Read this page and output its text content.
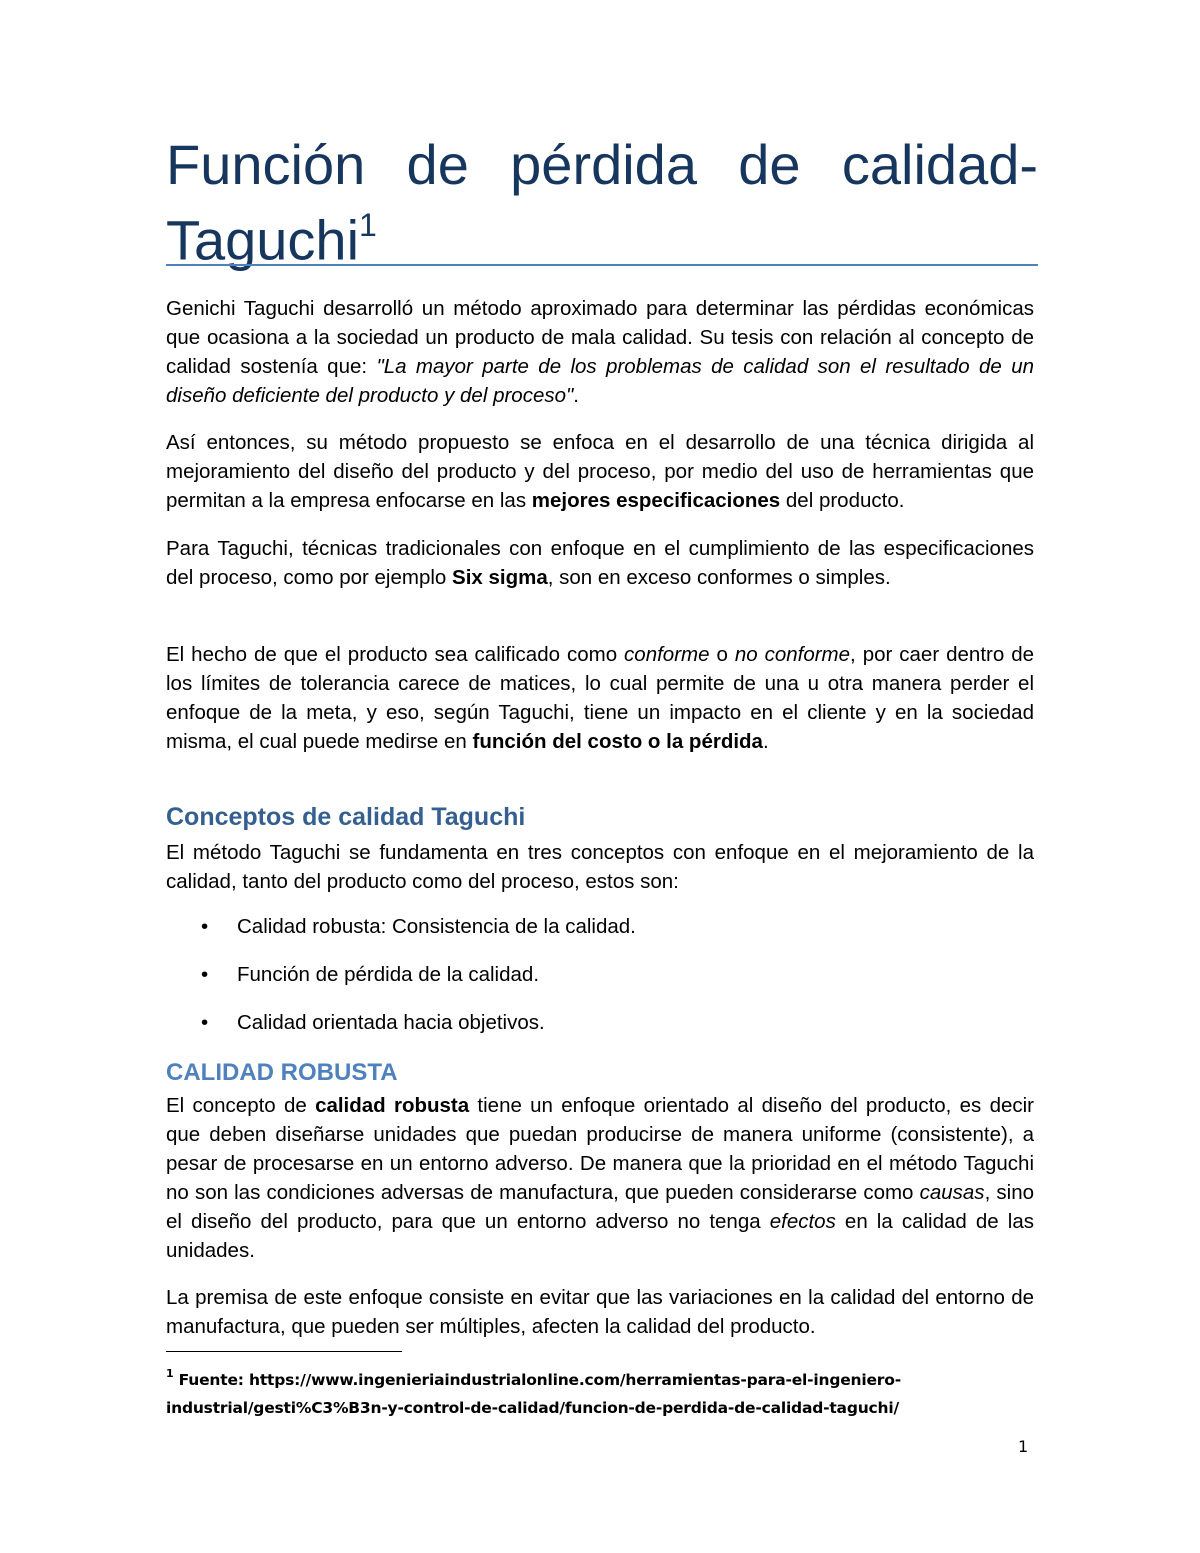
Función de pérdida de calidad-
Taguchi$^1$

Genichi Taguchi desarrolló un método aproximado para determinar las pérdidas económicas que ocasiona a la sociedad un producto de mala calidad. Su tesis con relación al concepto de calidad sostenía que: "La mayor parte de los problemas de calidad son el resultado de un diseño deficiente del producto y del proceso".

Así entonces, su método propuesto se enfoca en el desarrollo de una técnica dirigida al mejoramiento del diseño del producto y del proceso, por medio del uso de herramientas que permitan a la empresa enfocarse en las mejores especificaciones del producto.

Para Taguchi, técnicas tradicionales con enfoque en el cumplimiento de las especificaciones del proceso, como por ejemplo Six sigma, son en exceso conformes o simples.

El hecho de que el producto sea calificado como conforme o no conforme, por caer dentro de los límites de tolerancia carece de matices, lo cual permite de una u otra manera perder el enfoque de la meta, y eso, según Taguchi, tiene un impacto en el cliente y en la sociedad misma, el cual puede medirse en función del costo o la pérdida.

Conceptos de calidad Taguchi

El método Taguchi se fundamenta en tres conceptos con enfoque en el mejoramiento de la calidad, tanto del producto como del proceso, estos son:

• Calidad robusta: Consistencia de la calidad.
• Función de pérdida de la calidad.
• Calidad orientada hacia objetivos.
CALIDAD ROBUSTA

El concepto de calidad robusta tiene un enfoque orientado al diseño del producto, es decir que deben diseñarse unidades que puedan producirse de manera uniforme (consistente), a pesar de procesarse en un entorno adverso. De manera que la prioridad en el método Taguchi no son las condiciones adversas de manufactura, que pueden considerarse como causas, sino el diseño del producto, para que un entorno adverso no tenga efectos en la calidad de las unidades.

La premisa de este enfoque consiste en evitar que las variaciones en la calidad del entorno de manufactura, que pueden ser múltiples, afecten la calidad del producto.

$^1$ Fuente: https://www.ingenieriaindustrialonline.com/herramientas-para-el-ingeniero-industrial/gesti%C3%B3n-y-control-de-calidad/funcion-de-perdida-de-calidad-taguchi/

1
